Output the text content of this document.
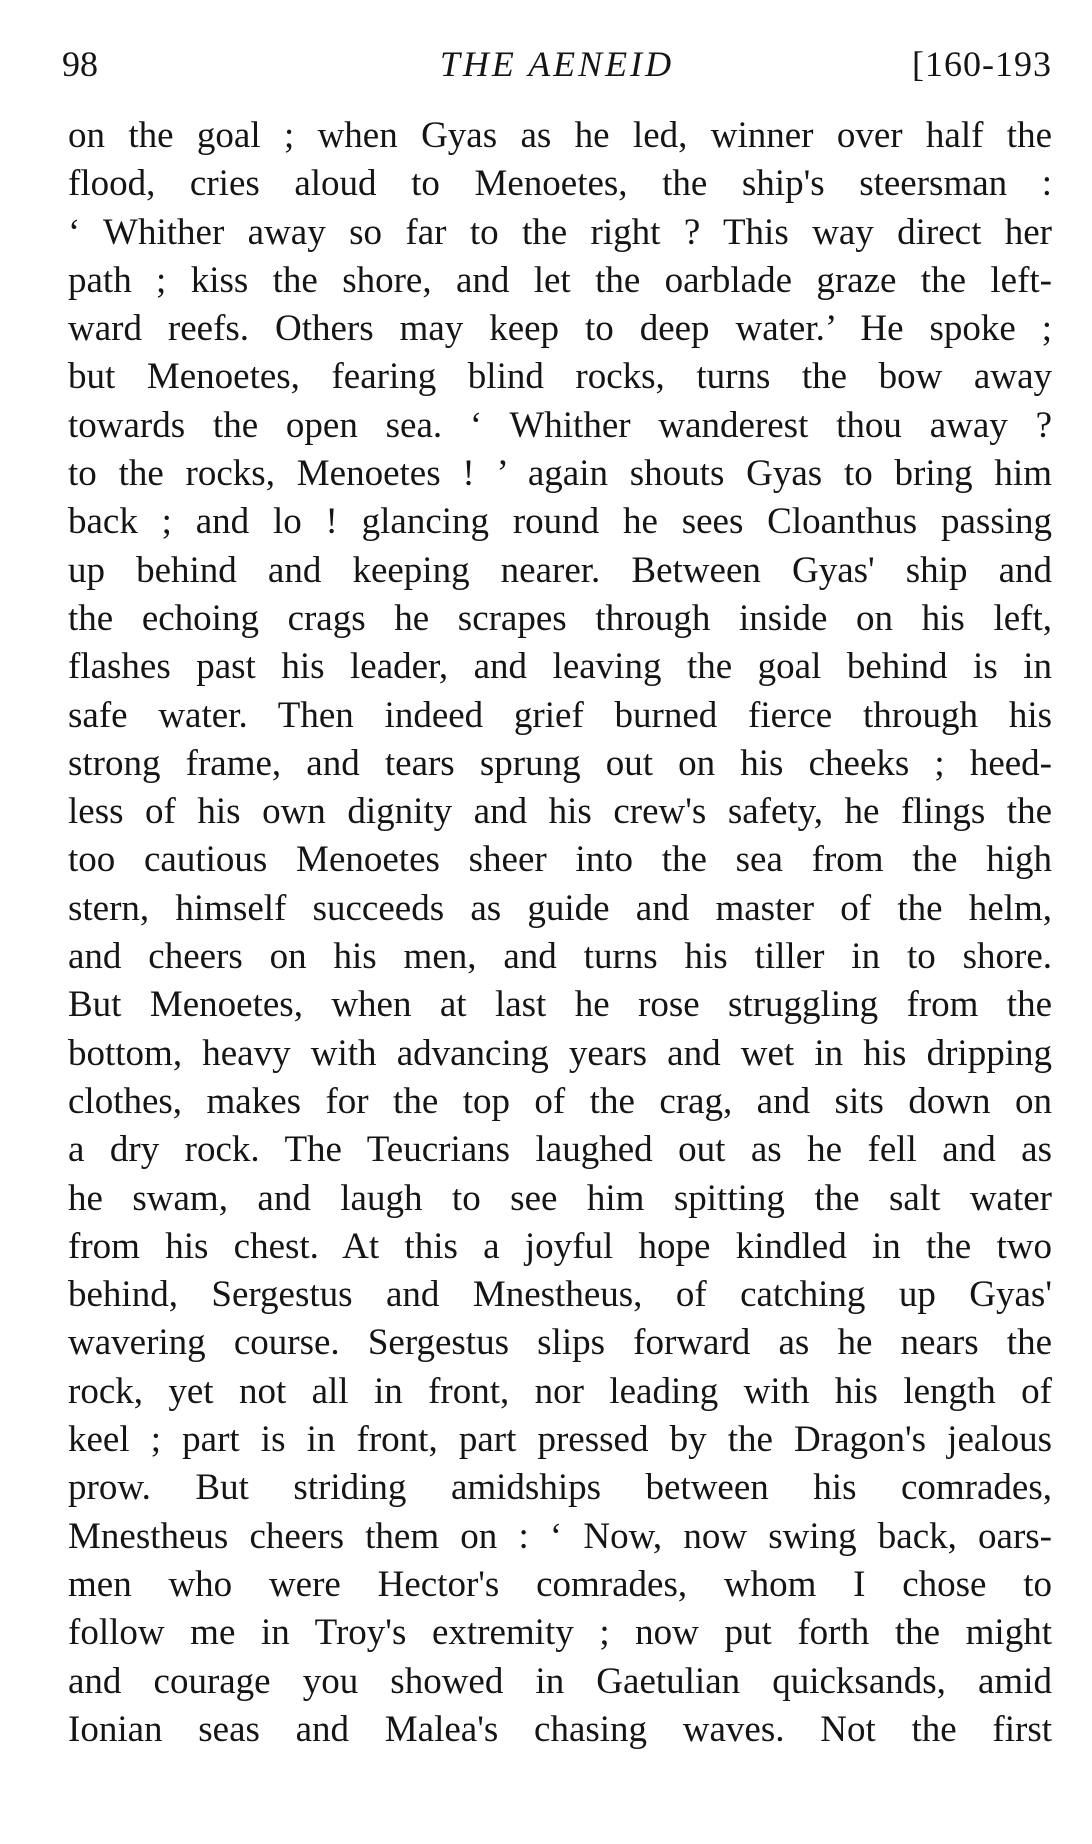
98	THE AENEID	[160-193
on the goal ; when Gyas as he led, winner over half the
flood, cries aloud to Menoetes, the ship's steersman :
‘ Whither away so far to the right ? This way direct her
path ; kiss the shore, and let the oarblade graze the left-
ward reefs. Others may keep to deep water.’ He spoke ;
but Menoetes, fearing blind rocks, turns the bow away
towards the open sea. ‘ Whither wanderest thou away ?
to the rocks, Menoetes ! ’ again shouts Gyas to bring him
back ; and lo ! glancing round he sees Cloanthus passing
up behind and keeping nearer. Between Gyas' ship and
the echoing crags he scrapes through inside on his left,
flashes past his leader, and leaving the goal behind is in
safe water. Then indeed grief burned fierce through his
strong frame, and tears sprung out on his cheeks ; heed-
less of his own dignity and his crew's safety, he flings the
too cautious Menoetes sheer into the sea from the high
stern, himself succeeds as guide and master of the helm,
and cheers on his men, and turns his tiller in to shore.
But Menoetes, when at last he rose struggling from the
bottom, heavy with advancing years and wet in his dripping
clothes, makes for the top of the crag, and sits down on
a dry rock. The Teucrians laughed out as he fell and as
he swam, and laugh to see him spitting the salt water
from his chest. At this a joyful hope kindled in the two
behind, Sergestus and Mnestheus, of catching up Gyas'
wavering course. Sergestus slips forward as he nears the
rock, yet not all in front, nor leading with his length of
keel ; part is in front, part pressed by the Dragon's jealous
prow. But striding amidships between his comrades,
Mnestheus cheers them on : ‘ Now, now swing back, oars-
men who were Hector's comrades, whom I chose to
follow me in Troy's extremity ; now put forth the might
and courage you showed in Gaetulian quicksands, amid
Ionian seas and Malea's chasing waves. Not the first
